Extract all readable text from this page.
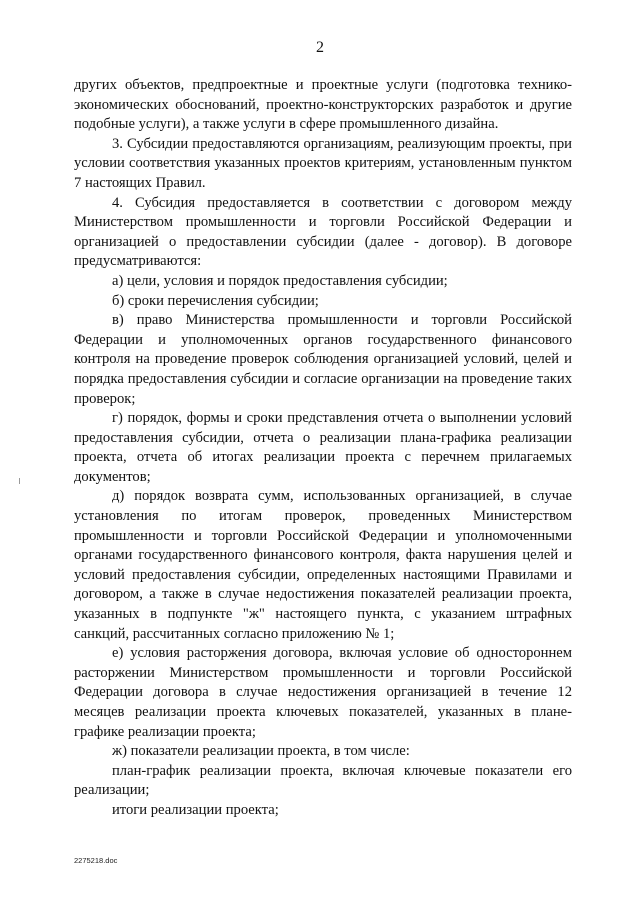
2

других объектов, предпроектные и проектные услуги (подготовка технико-экономических обоснований, проектно-конструкторских разработок и другие подобные услуги), а также услуги в сфере промышленного дизайна.

3. Субсидии предоставляются организациям, реализующим проекты, при условии соответствия указанных проектов критериям, установленным пунктом 7 настоящих Правил.

4. Субсидия предоставляется в соответствии с договором между Министерством промышленности и торговли Российской Федерации и организацией о предоставлении субсидии (далее - договор). В договоре предусматриваются:

а) цели, условия и порядок предоставления субсидии;

б) сроки перечисления субсидии;

в) право Министерства промышленности и торговли Российской Федерации и уполномоченных органов государственного финансового контроля на проведение проверок соблюдения организацией условий, целей и порядка предоставления субсидии и согласие организации на проведение таких проверок;

г) порядок, формы и сроки представления отчета о выполнении условий предоставления субсидии, отчета о реализации плана-графика реализации проекта, отчета об итогах реализации проекта с перечнем прилагаемых документов;

д) порядок возврата сумм, использованных организацией, в случае установления по итогам проверок, проведенных Министерством промышленности и торговли Российской Федерации и уполномоченными органами государственного финансового контроля, факта нарушения целей и условий предоставления субсидии, определенных настоящими Правилами и договором, а также в случае недостижения показателей реализации проекта, указанных в подпункте "ж" настоящего пункта, с указанием штрафных санкций, рассчитанных согласно приложению № 1;

е) условия расторжения договора, включая условие об одностороннем расторжении Министерством промышленности и торговли Российской Федерации договора в случае недостижения организацией в течение 12 месяцев реализации проекта ключевых показателей, указанных в плане-графике реализации проекта;

ж) показатели реализации проекта, в том числе:

план-график реализации проекта, включая ключевые показатели его реализации;

итоги реализации проекта;

2275218.doc
